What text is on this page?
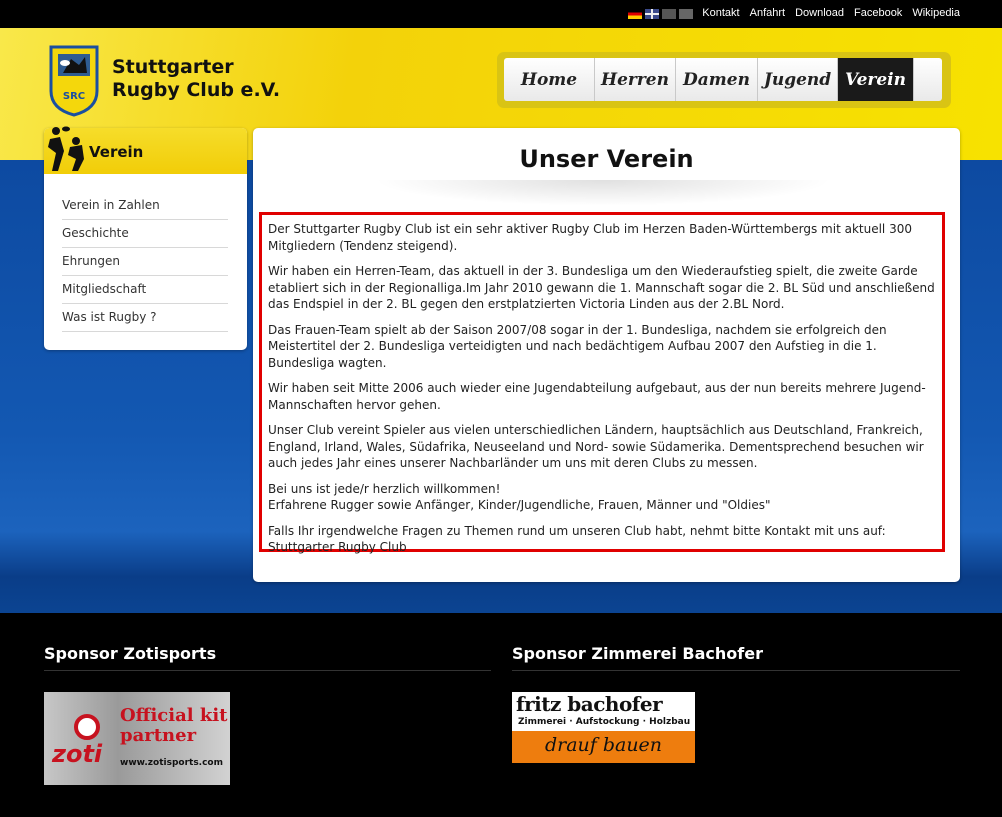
Kontakt Anfahrt Download Facebook Wikipedia
SRC
Stuttgarter
Rugby Club e.V.	Home	Herren Damen Jugend Verein
Verein
Verein in Zahlen
Geschichte
Ehrungen
Mitgliedschaft
Was ist Rugby ?
Unser Verein

Der Stuttgarter Rugby Club ist ein sehr aktiver Rugby Club im Herzen Baden-Württembergs mit aktuell 300 Mitgliedern (Tendenz steigend).

Wir haben ein Herren-Team, das aktuell in der 3. Bundesliga um den Wiederaufstieg spielt, die zweite Garde etabliert sich in der Regionalliga.Im Jahr 2010 gewann die 1. Mannschaft sogar die 2. BL Süd und anschließend das Endspiel in der 2. BL gegen den erstplatzierten Victoria Linden aus der 2.BL Nord.

Das Frauen-Team spielt ab der Saison 2007/08 sogar in der 1. Bundesliga, nachdem sie erfolgreich den Meistertitel der 2. Bundesliga verteidigten und nach bedächtigem Aufbau 2007 den Aufstieg in die 1. Bundesliga wagten.

Wir haben seit Mitte 2006 auch wieder eine Jugendabteilung aufgebaut, aus der nun bereits mehrere Jugend-Mannschaften hervor gehen.

Unser Club vereint Spieler aus vielen unterschiedlichen Ländern, hauptsächlich aus Deutschland, Frankreich, England, Irland, Wales, Südafrika, Neuseeland und Nord- sowie Südamerika. Dementsprechend besuchen wir auch jedes Jahr eines unserer Nachbarländer um uns mit deren Clubs zu messen.

Bei uns ist jede/r herzlich willkommen!

Erfahrene Rugger sowie Anfänger, Kinder/Jugendliche, Frauen, Männer und "Oldies"

Falls Ihr irgendwelche Fragen zu Themen rund um unseren Club habt, nehmt bitte Kontakt mit uns auf: Stuttgarter Rugby Club

Sponsor Zotisports	Sponsor Zimmerei Bachofer
Official kit
partner
zoti www.zotisports.com
fritz bachofer
Zimmerei · Aufstockung · Holzbau
drauf bauen
